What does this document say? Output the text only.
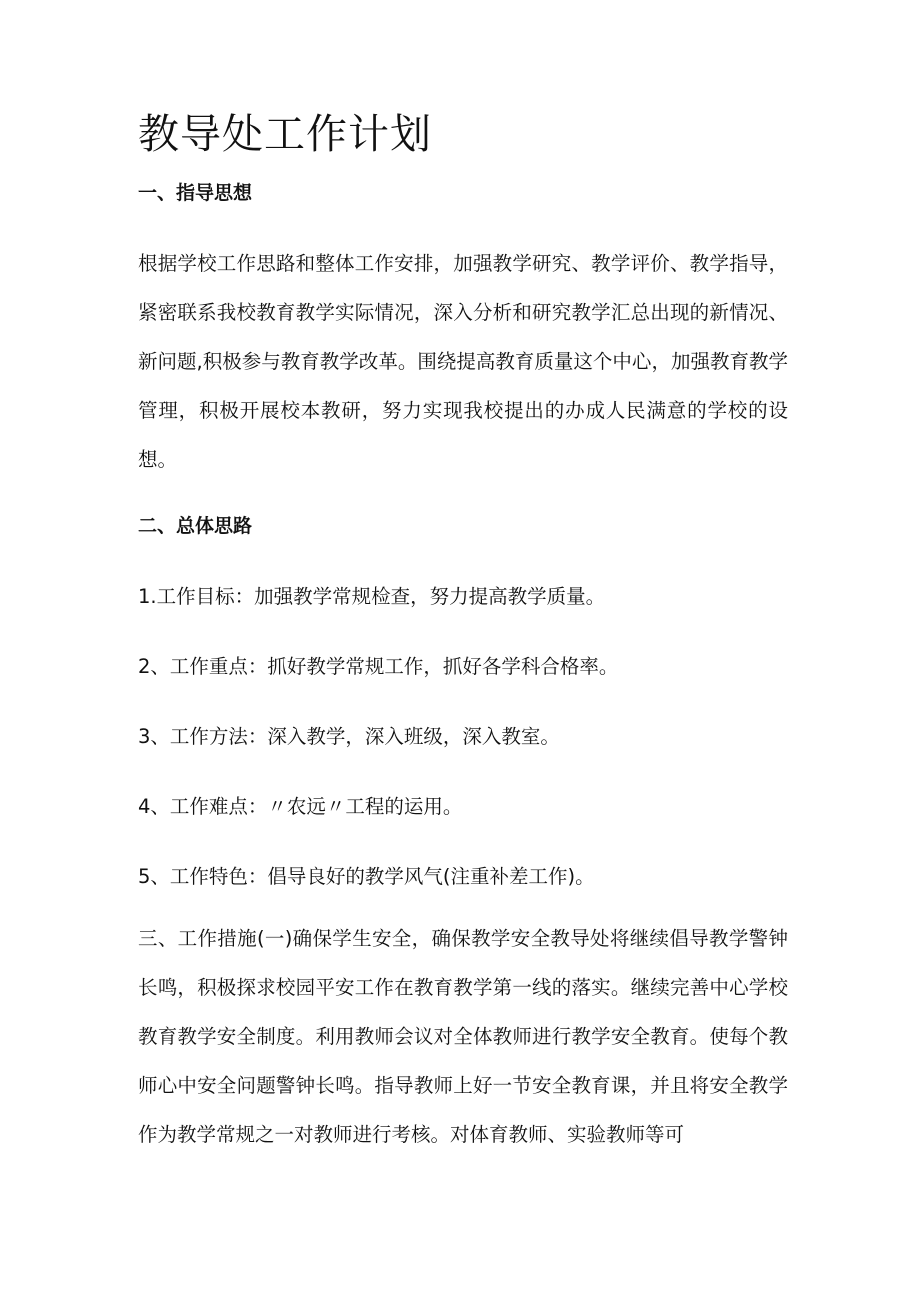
教导处工作计划
一、指导思想

根据学校工作思路和整体工作安排，加强教学研究、教学评价、教学指导，紧密联系我校教育教学实际情况，深入分析和研究教学汇总出现的新情况、新问题,积极参与教育教学改革。围绕提高教育质量这个中心，加强教育教学管理，积极开展校本教研，努力实现我校提出的办成人民满意的学校的设想。

二、总体思路

1.工作目标：加强教学常规检查，努力提高教学质量。

2、工作重点：抓好教学常规工作，抓好各学科合格率。

3、工作方法：深入教学，深入班级，深入教室。

4、工作难点：〃农远〃工程的运用。

5、工作特色：倡导良好的教学风气(注重补差工作)。

三、工作措施(一)确保学生安全，确保教学安全教导处将继续倡导教学警钟长鸣，积极探求校园平安工作在教育教学第一线的落实。继续完善中心学校教育教学安全制度。利用教师会议对全体教师进行教学安全教育。使每个教师心中安全问题警钟长鸣。指导教师上好一节安全教育课，并且将安全教学作为教学常规之一对教师进行考核。对体育教师、实验教师等可
